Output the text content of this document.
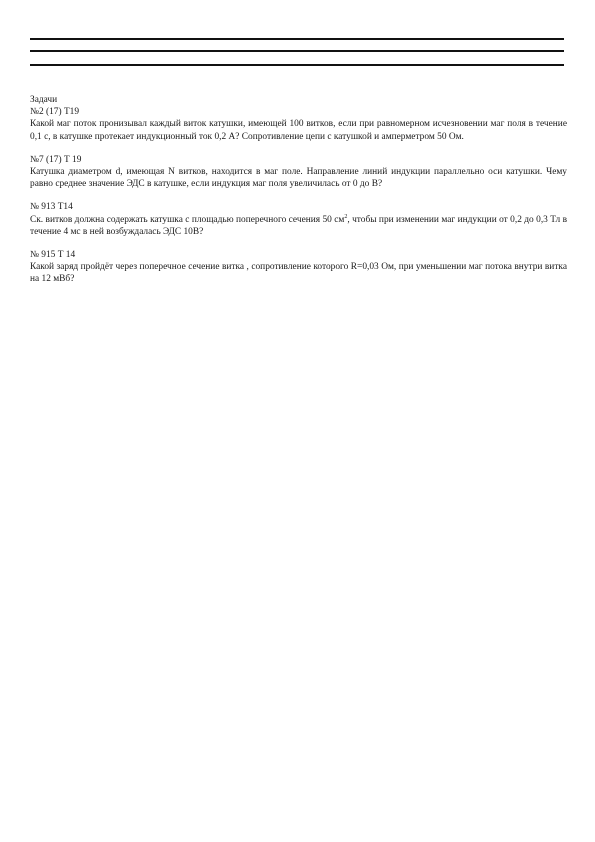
Задачи

№2 (17) Т19

Какой маг поток пронизывал каждый виток катушки, имеющей 100 витков, если при равномерном исчезновении маг поля в течение 0,1 с, в катушке протекает индукционный ток 0,2 А? Сопротивление цепи с катушкой и амперметром 50 Ом.

№7 (17) Т 19

Катушка диаметром d, имеющая N витков, находится в маг поле. Направление линий индукции параллельно оси катушки. Чему равно среднее значение ЭДС в катушке, если индукция маг поля увеличилась от 0 до В?

№ 913 Т14

Ск. витков должна содержать катушка с площадью поперечного сечения 50 $см^2$, чтобы при изменении маг индукции от 0,2 до 0,3 Тл в течение 4 мс в ней возбуждалась ЭДС 10В?

№ 915 Т 14

Какой заряд пройдёт через поперечное сечение витка , сопротивление которого R=0,03 Ом, при уменьшении маг потока внутри витка на 12 мВб?
